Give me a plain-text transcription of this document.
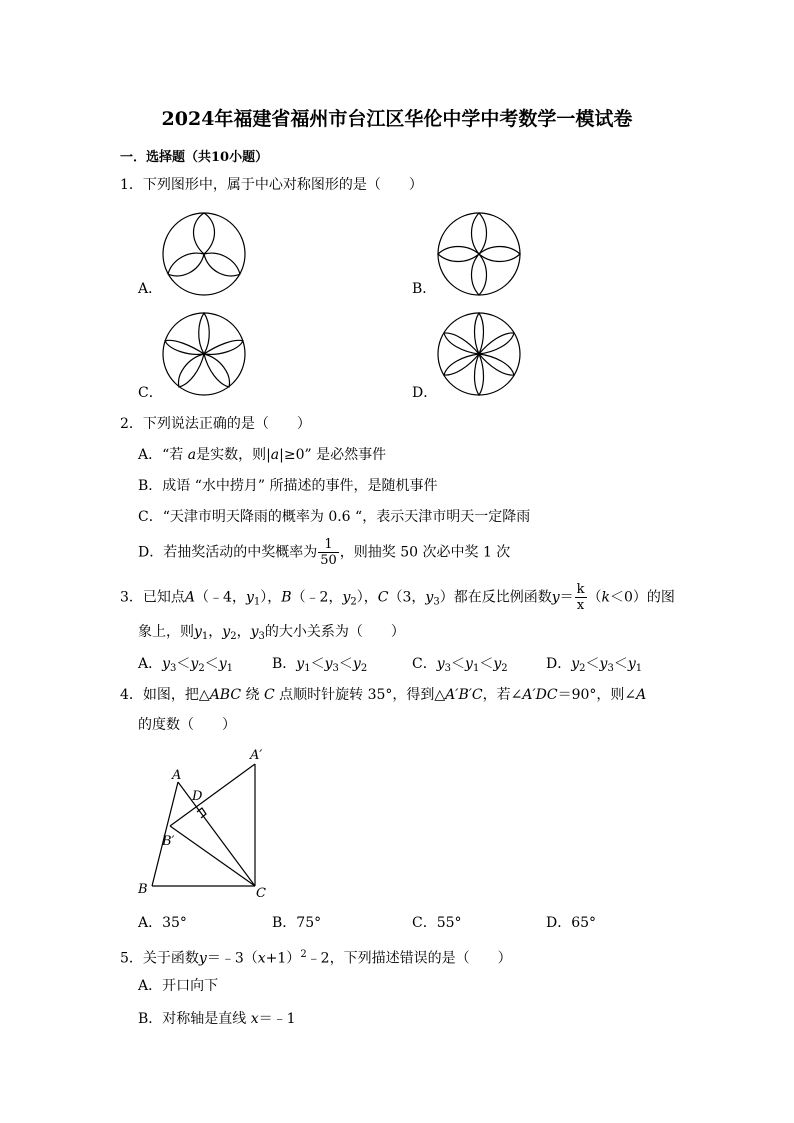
2024年福建省福州市台江区华伦中学中考数学一模试卷
一．选择题（共10小题）
1．下列图形中，属于中心对称图形的是（　　）
A．	B．
C．	D．
2．下列说法正确的是（　　）
A．“若 a是实数，则|a|≥0” 是必然事件
B．成语 “水中捞月” 所描述的事件，是随机事件
C．“天津市明天降雨的概率为 0.6 “，表示天津市明天一定降雨
D．若抽奖活动的中奖概率为 $\frac{1}{50}$ ，则抽奖 50 次必中奖 1 次
3．已知点A（﹣4，$y_1$），B（﹣2，$y_2$），C（3，$y_3$）都在反比例函数$y= \frac{k}{x} (k<0)$的图
象上，则$y_1$，$y_2$，$y_3$的大小关系为（　　）
A．$y_3<y_2<y_1$	B．$y_1<y_3<y_2$	C．$y_3<y_1<y_2$	D．$y_2<y_3<y_1$
4．如图，把△ABC 绕 C 点顺时针旋转 35°，得到△A′B′C，若∠A′DC＝90°，则∠A
的度数（　　）
A
A′
D
B′
B	C
A．35°	B．75°	C．55°	D．65°
5．关于函数$y=﹣3(x+1)^2﹣2$，下列描述错误的是（　　）
A．开口向下
B．对称轴是直线 x＝﹣1
